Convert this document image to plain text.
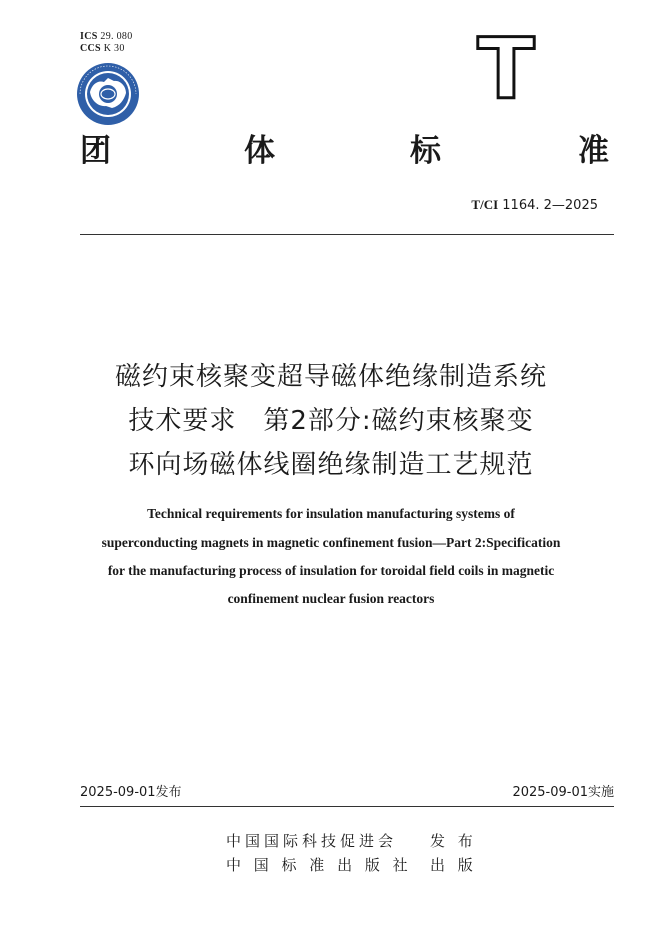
ICS 29. 080
CCS K 30	T
团	体	标	准
T/CI 1164. 2—2025
磁约束核聚变超导磁体绝缘制造系统
技术要求　第2部分:磁约束核聚变
环向场磁体线圈绝缘制造工艺规范
Technical requirements for insulation manufacturing systems of
superconducting magnets in magnetic confinement fusion—Part 2:Specification
for the manufacturing process of insulation for toroidal field coils in magnetic
confinement nuclear fusion reactors
2025-09-01发布	2025-09-01实施
中国国际科技促进会 发 布
中 国 标 准 出 版 社 出 版
